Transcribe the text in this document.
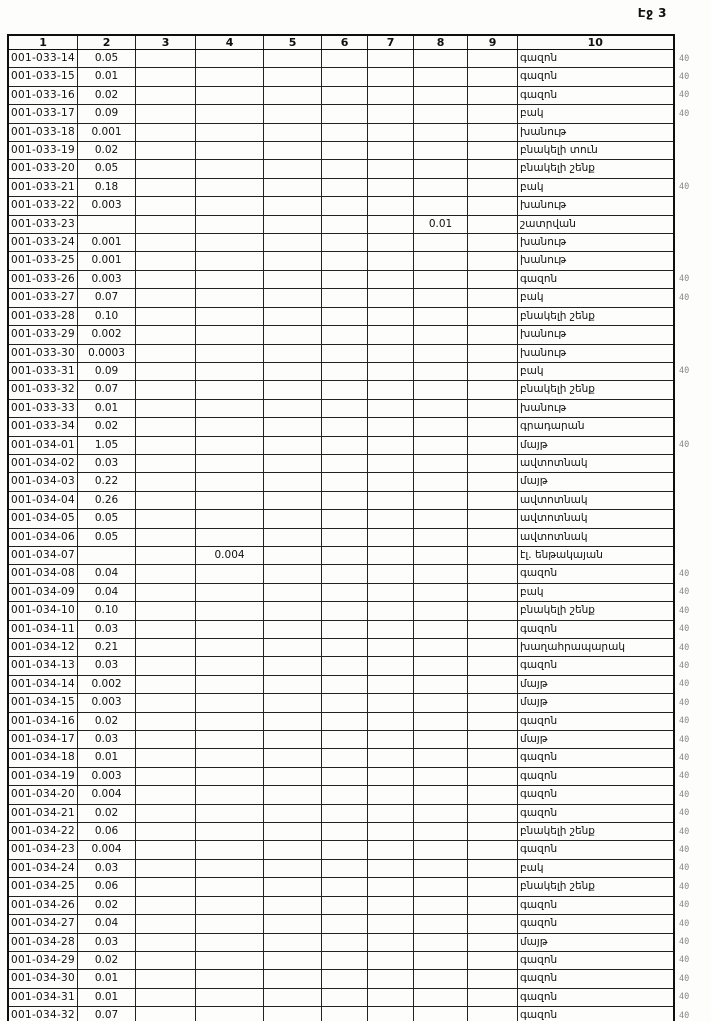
Էջ 3
1	2	3	4	5	6	7	8	9	10
001-033-14	0.05								գազոն
001-033-15	0.01								գազոն
001-033-16	0.02								գազոն
001-033-17	0.09								բակ
001-033-18	0.001								խանութ
001-033-19	0.02								բնակելի տուն
001-033-20	0.05								բնակելի շենք
001-033-21	0.18								բակ
001-033-22	0.003								խանութ
001-033-23							0.01		շատրվան
001-033-24	0.001								խանութ
001-033-25	0.001								խանութ
001-033-26	0.003								գազոն
001-033-27	0.07								բակ
001-033-28	0.10								բնակելի շենք
001-033-29	0.002								խանութ
001-033-30	0.0003								խանութ
001-033-31	0.09								բակ
001-033-32	0.07								բնակելի շենք
001-033-33	0.01								խանութ
001-033-34	0.02								գրադարան
001-034-01	1.05								մայթ
001-034-02	0.03								ավտոտնակ
001-034-03	0.22								մայթ
001-034-04	0.26								ավտոտնակ
001-034-05	0.05								ավտոտնակ
001-034-06	0.05								ավտոտնակ
001-034-07			0.004						էլ. ենթակայան
001-034-08	0.04								գազոն
001-034-09	0.04								բակ
001-034-10	0.10								բնակելի շենք
001-034-11	0.03								գազոն
001-034-12	0.21								խաղահրապարակ
001-034-13	0.03								գազոն
001-034-14	0.002								մայթ
001-034-15	0.003								մայթ
001-034-16	0.02								գազոն
001-034-17	0.03								մայթ
001-034-18	0.01								գազոն
001-034-19	0.003								գազոն
001-034-20	0.004								գազոն
001-034-21	0.02								գազոն
001-034-22	0.06								բնակելի շենք
001-034-23	0.004								գազոն
001-034-24	0.03								բակ
001-034-25	0.06								բնակելի շենք
001-034-26	0.02								գազոն
001-034-27	0.04								գազոն
001-034-28	0.03								մայթ
001-034-29	0.02								գազոն
001-034-30	0.01								գազոն
001-034-31	0.01								գազոն
001-034-32	0.07								գազոն
40
40
40
40
40
40
40
40
40
40
40
40
40
40
40
40
40
40
40
40
40
40
40
40
40
40
40
40
40
40
40
40
40
40
